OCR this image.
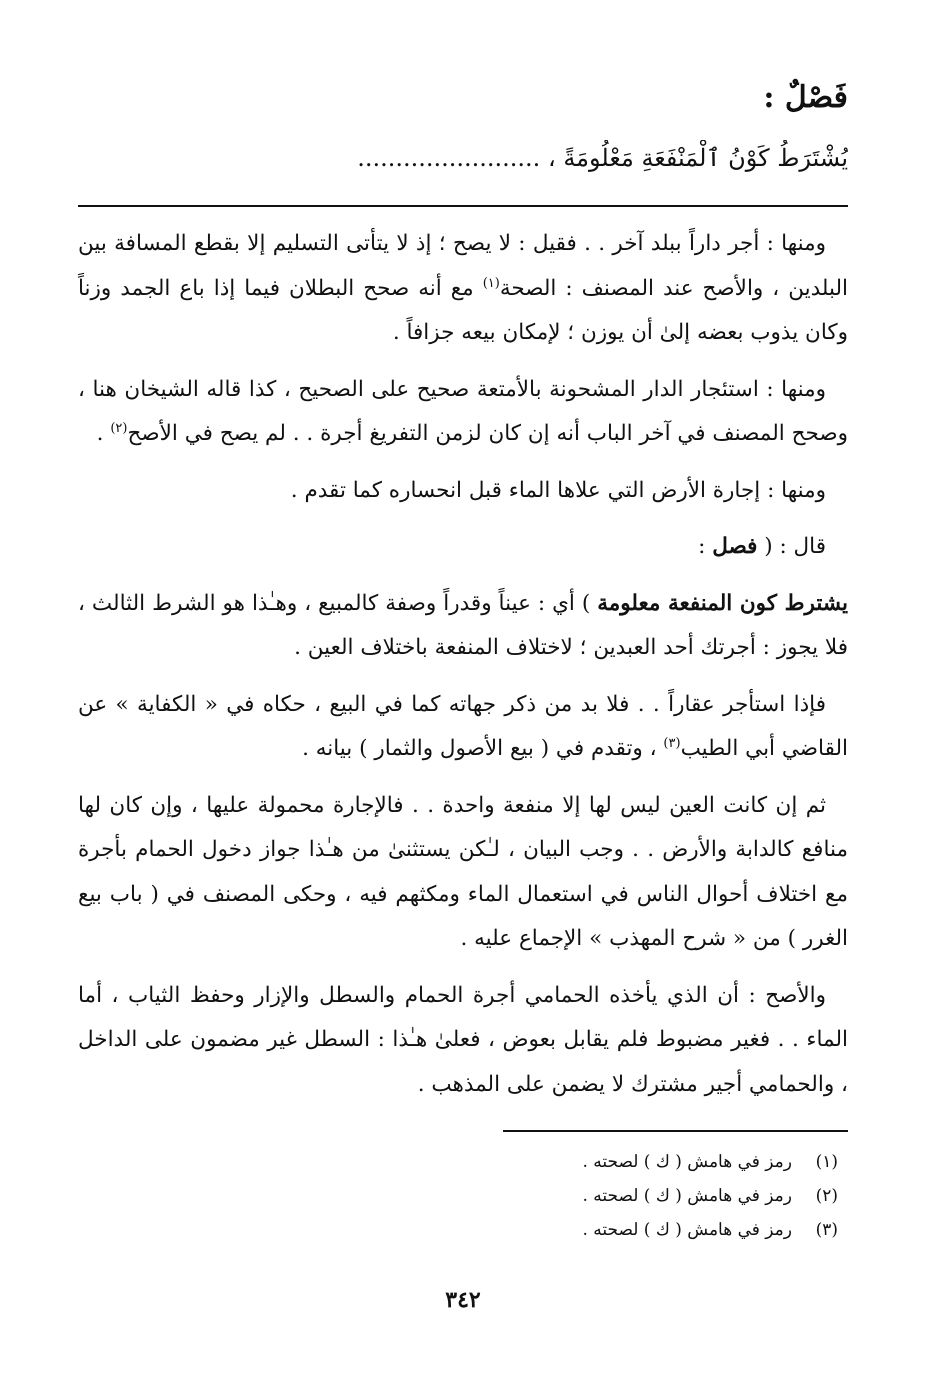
فَصْلٌ :
يُشْتَرَطُ كَوْنُ ٱلْمَنْفَعَةِ مَعْلُومَةً ، ........................

ومنها : أجر داراً ببلد آخر . . فقيل : لا يصح ؛ إذ لا يتأتى التسليم إلا بقطع المسافة بين البلدين ، والأصح عند المصنف : الصحة$^{(١)}$ مع أنه صحح البطلان فيما إذا باع الجمد وزناً وكان يذوب بعضه إلىٰ أن يوزن ؛ لإمكان بيعه جزافاً .

ومنها : استئجار الدار المشحونة بالأمتعة صحيح على الصحيح ، كذا قاله الشيخان هنا ، وصحح المصنف في آخر الباب أنه إن كان لزمن التفريغ أجرة . . لم يصح في الأصح$^{(٢)}$ .

ومنها : إجارة الأرض التي علاها الماء قبل انحساره كما تقدم .

قال : ( فصل :

يشترط كون المنفعة معلومة ) أي : عيناً وقدراً وصفة كالمبيع ، وهـٰذا هو الشرط الثالث ، فلا يجوز : أجرتك أحد العبدين ؛ لاختلاف المنفعة باختلاف العين .

فإذا استأجر عقاراً . . فلا بد من ذكر جهاته كما في البيع ، حكاه في « الكفاية » عن القاضي أبي الطيب$^{(٣)}$ ، وتقدم في ( بيع الأصول والثمار ) بيانه .

ثم إن كانت العين ليس لها إلا منفعة واحدة . . فالإجارة محمولة عليها ، وإن كان لها منافع كالدابة والأرض . . وجب البيان ، لـٰكن يستثنىٰ من هـٰذا جواز دخول الحمام بأجرة مع اختلاف أحوال الناس في استعمال الماء ومكثهم فيه ، وحكى المصنف في ( باب بيع الغرر ) من « شرح المهذب » الإجماع عليه .

والأصح : أن الذي يأخذه الحمامي أجرة الحمام والسطل والإزار وحفظ الثياب ، أما الماء . . فغير مضبوط فلم يقابل بعوض ، فعلىٰ هـٰذا : السطل غير مضمون على الداخل ، والحمامي أجير مشترك لا يضمن على المذهب .

(١)رمز في هامش ( ك ) لصحته .
(٢)رمز في هامش ( ك ) لصحته .
(٣)رمز في هامش ( ك ) لصحته .
٣٤٢
